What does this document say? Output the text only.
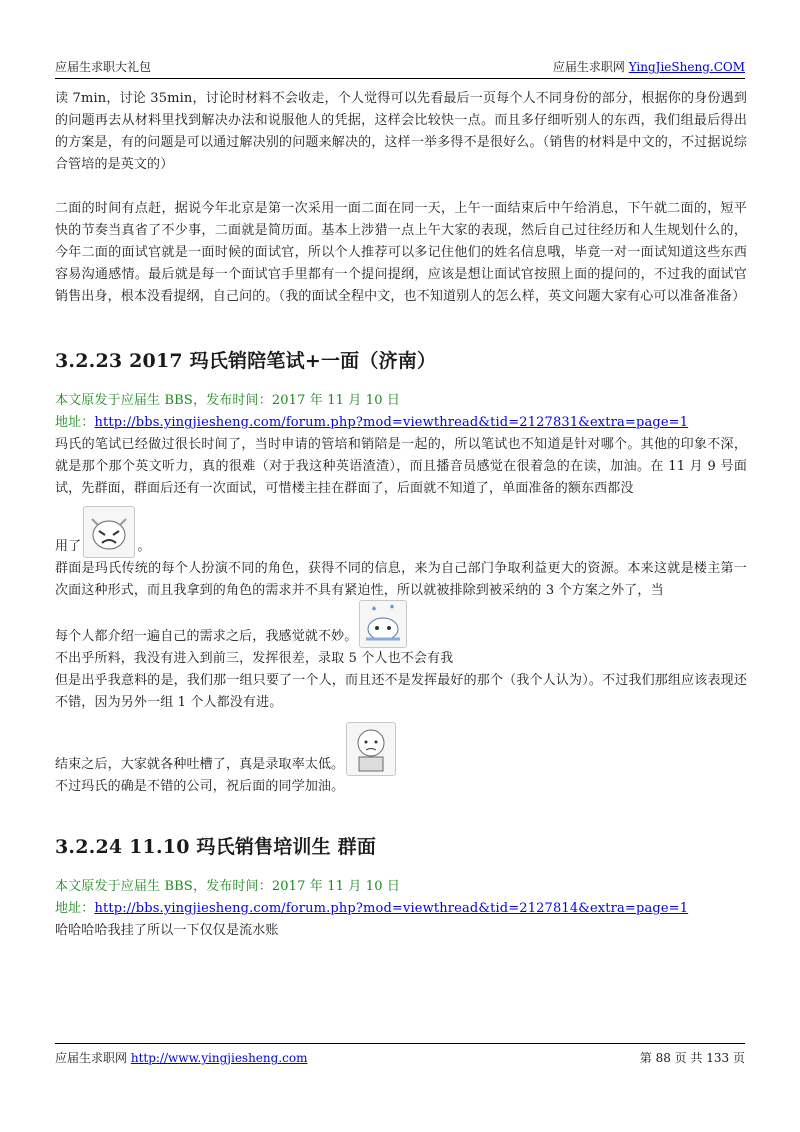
应届生求职大礼包	应届生求职网 YingJieSheng.COM

读 7min，讨论 35min，讨论时材料不会收走，个人觉得可以先看最后一页每个人不同身份的部分，根据你的身份遇到的问题再去从材料里找到解决办法和说服他人的凭据，这样会比较快一点。而且多仔细听别人的东西，我们组最后得出的方案是，有的问题是可以通过解决别的问题来解决的，这样一举多得不是很好么。（销售的材料是中文的，不过据说综合管培的是英文的）

二面的时间有点赶，据说今年北京是第一次采用一面二面在同一天，上午一面结束后中午给消息，下午就二面的，短平快的节奏当真省了不少事，二面就是简历面。基本上涉猎一点上午大家的表现，然后自己过往经历和人生规划什么的，今年二面的面试官就是一面时候的面试官，所以个人推荐可以多记住他们的姓名信息哦，毕竟一对一面试知道这些东西容易沟通感情。最后就是每一个面试官手里都有一个提问提纲，应该是想让面试官按照上面的提问的，不过我的面试官销售出身，根本没看提纲，自己问的。（我的面试全程中文，也不知道别人的怎么样，英文问题大家有心可以准备准备）

3.2.23 2017 玛氏销陪笔试+一面（济南）

本文原发于应届生 BBS，发布时间：2017 年 11 月 10 日

地址：http://bbs.yingjiesheng.com/forum.php?mod=viewthread&tid=2127831&extra=page=1

玛氏的笔试已经做过很长时间了，当时申请的管培和销陪是一起的，所以笔试也不知道是针对哪个。其他的印象不深，就是那个那个英文听力，真的很难（对于我这种英语渣渣），而且播音员感觉在很着急的在读，加油。在 11 月 9 号面试，先群面，群面后还有一次面试，可惜楼主挂在群面了，后面就不知道了，单面准备的额东西都没

用了	。

群面是玛氏传统的每个人扮演不同的角色，获得不同的信息，来为自己部门争取利益更大的资源。本来这就是楼主第一次面这种形式，而且我拿到的角色的需求并不具有紧迫性，所以就被排除到被采纳的 3 个方案之外了，当

每个人都介绍一遍自己的需求之后，我感觉就不妙。

不出乎所料，我没有进入到前三，发挥很差，录取 5 个人也不会有我

但是出乎我意料的是，我们那一组只要了一个人，而且还不是发挥最好的那个（我个人认为）。不过我们那组应该表现还不错，因为另外一组 1 个人都没有进。

结束之后，大家就各种吐槽了，真是录取率太低。

不过玛氏的确是不错的公司，祝后面的同学加油。

3.2.24 11.10 玛氏销售培训生 群面

本文原发于应届生 BBS，发布时间：2017 年 11 月 10 日

地址：http://bbs.yingjiesheng.com/forum.php?mod=viewthread&tid=2127814&extra=page=1

哈哈哈哈我挂了所以一下仅仅是流水账

应届生求职网 http://www.yingjiesheng.com	第 88 页 共 133 页
